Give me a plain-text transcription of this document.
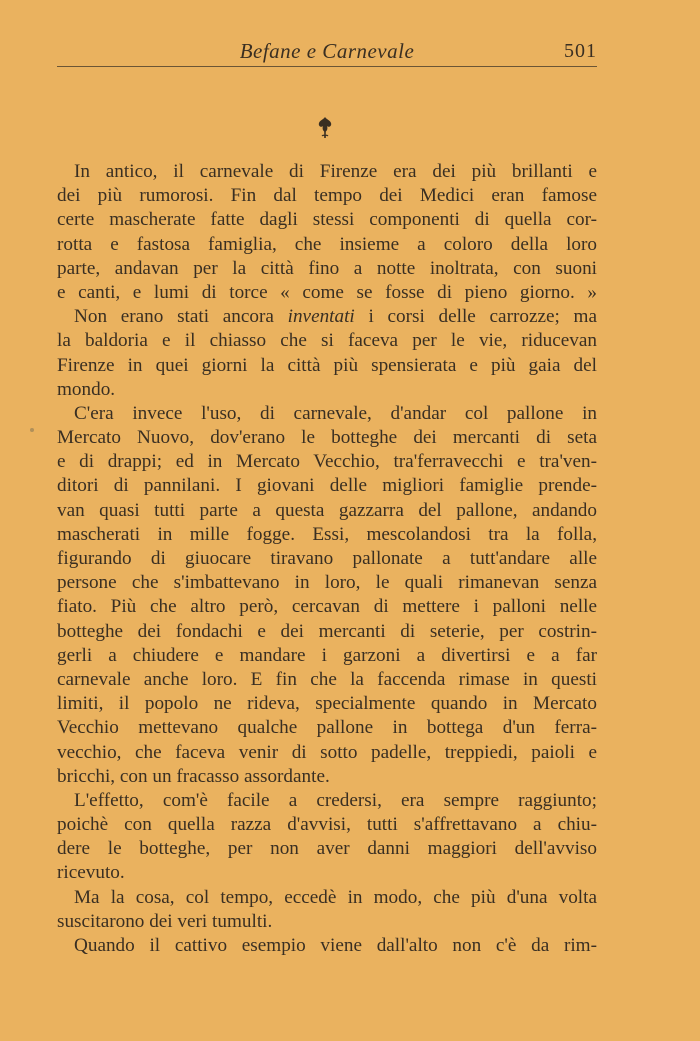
Befane e Carnevale	501

In antico, il carnevale di Firenze era dei più brillanti e
dei più rumorosi. Fin dal tempo dei Medici eran famose
certe mascherate fatte dagli stessi componenti di quella cor-
rotta e fastosa famiglia, che insieme a coloro della loro
parte, andavan per la città fino a notte inoltrata, con suoni
e canti, e lumi di torce « come se fosse di pieno giorno. »

Non erano stati ancora inventati i corsi delle carrozze; ma
la baldoria e il chiasso che si faceva per le vie, riducevan
Firenze in quei giorni la città più spensierata e più gaia del
mondo.

C'era invece l'uso, di carnevale, d'andar col pallone in
Mercato Nuovo, dov'erano le botteghe dei mercanti di seta
e di drappi; ed in Mercato Vecchio, tra'ferravecchi e tra'ven-
ditori di pannilani. I giovani delle migliori famiglie prende-
van quasi tutti parte a questa gazzarra del pallone, andando
mascherati in mille fogge. Essi, mescolandosi tra la folla,
figurando di giuocare tiravano pallonate a tutt'andare alle
persone che s'imbattevano in loro, le quali rimanevan senza
fiato. Più che altro però, cercavan di mettere i palloni nelle
botteghe dei fondachi e dei mercanti di seterie, per costrin-
gerli a chiudere e mandare i garzoni a divertirsi e a far
carnevale anche loro. E fin che la faccenda rimase in questi
limiti, il popolo ne rideva, specialmente quando in Mercato
Vecchio mettevano qualche pallone in bottega d'un ferra-
vecchio, che faceva venir di sotto padelle, treppiedi, paioli e
bricchi, con un fracasso assordante.

L'effetto, com'è facile a credersi, era sempre raggiunto;
poichè con quella razza d'avvisi, tutti s'affrettavano a chiu-
dere le botteghe, per non aver danni maggiori dell'avviso
ricevuto.

Ma la cosa, col tempo, eccedè in modo, che più d'una volta
suscitarono dei veri tumulti.

Quando il cattivo esempio viene dall'alto non c'è da rim-
